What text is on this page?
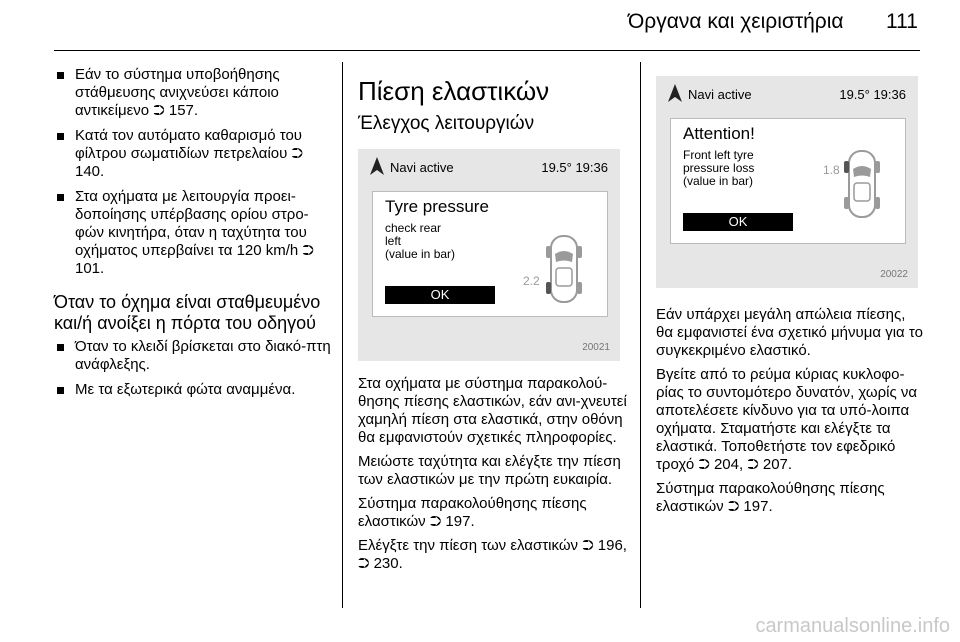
Όργανα και χειριστήρια 111
Εάν το σύστημα υποβοήθησης στάθμευσης ανιχνεύσει κάποιο αντικείμενο ⮊ 157.
Κατά τον αυτόματο καθαρισμό του φίλτρου σωματιδίων πετρελαίου ⮊ 140.
Στα οχήματα με λειτουργία προει-δοποίησης υπέρβασης ορίου στρο-φών κινητήρα, όταν η ταχύτητα του οχήματος υπερβαίνει τα 120 km/h ⮊ 101.
Όταν το όχημα είναι σταθμευμένο και/ή ανοίξει η πόρτα του οδηγού
Όταν το κλειδί βρίσκεται στο διακό-πτη ανάφλεξης.
Με τα εξωτερικά φώτα αναμμένα.
Πίεση ελαστικών
Έλεγχος λειτουργιών
Navi active	19.5° 19:36
Tyre pressure
check rear
left
(value in bar)
2.2
OK
20021

Στα οχήματα με σύστημα παρακολού-θησης πίεσης ελαστικών, εάν ανι-χνευτεί χαμηλή πίεση στα ελαστικά, στην οθόνη θα εμφανιστούν σχετικές πληροφορίες.

Μειώστε ταχύτητα και ελέγξτε την πίεση των ελαστικών με την πρώτη ευκαιρία.

Σύστημα παρακολούθησης πίεσης ελαστικών ⮊ 197.

Ελέγξτε την πίεση των ελαστικών ⮊ 196, ⮊ 230.

Navi active	19.5° 19:36
Attention!
Front left tyre
pressure loss
(value in bar)
1.8
OK
20022

Εάν υπάρχει μεγάλη απώλεια πίεσης, θα εμφανιστεί ένα σχετικό μήνυμα για το συγκεκριμένο ελαστικό.

Βγείτε από το ρεύμα κύριας κυκλοφο-ρίας το συντομότερο δυνατόν, χωρίς να αποτελέσετε κίνδυνο για τα υπό-λοιπα οχήματα. Σταματήστε και ελέγξτε τα ελαστικά. Τοποθετήστε τον εφεδρικό τροχό ⮊ 204, ⮊ 207.

Σύστημα παρακολούθησης πίεσης ελαστικών ⮊ 197.

carmanualsonline.info
